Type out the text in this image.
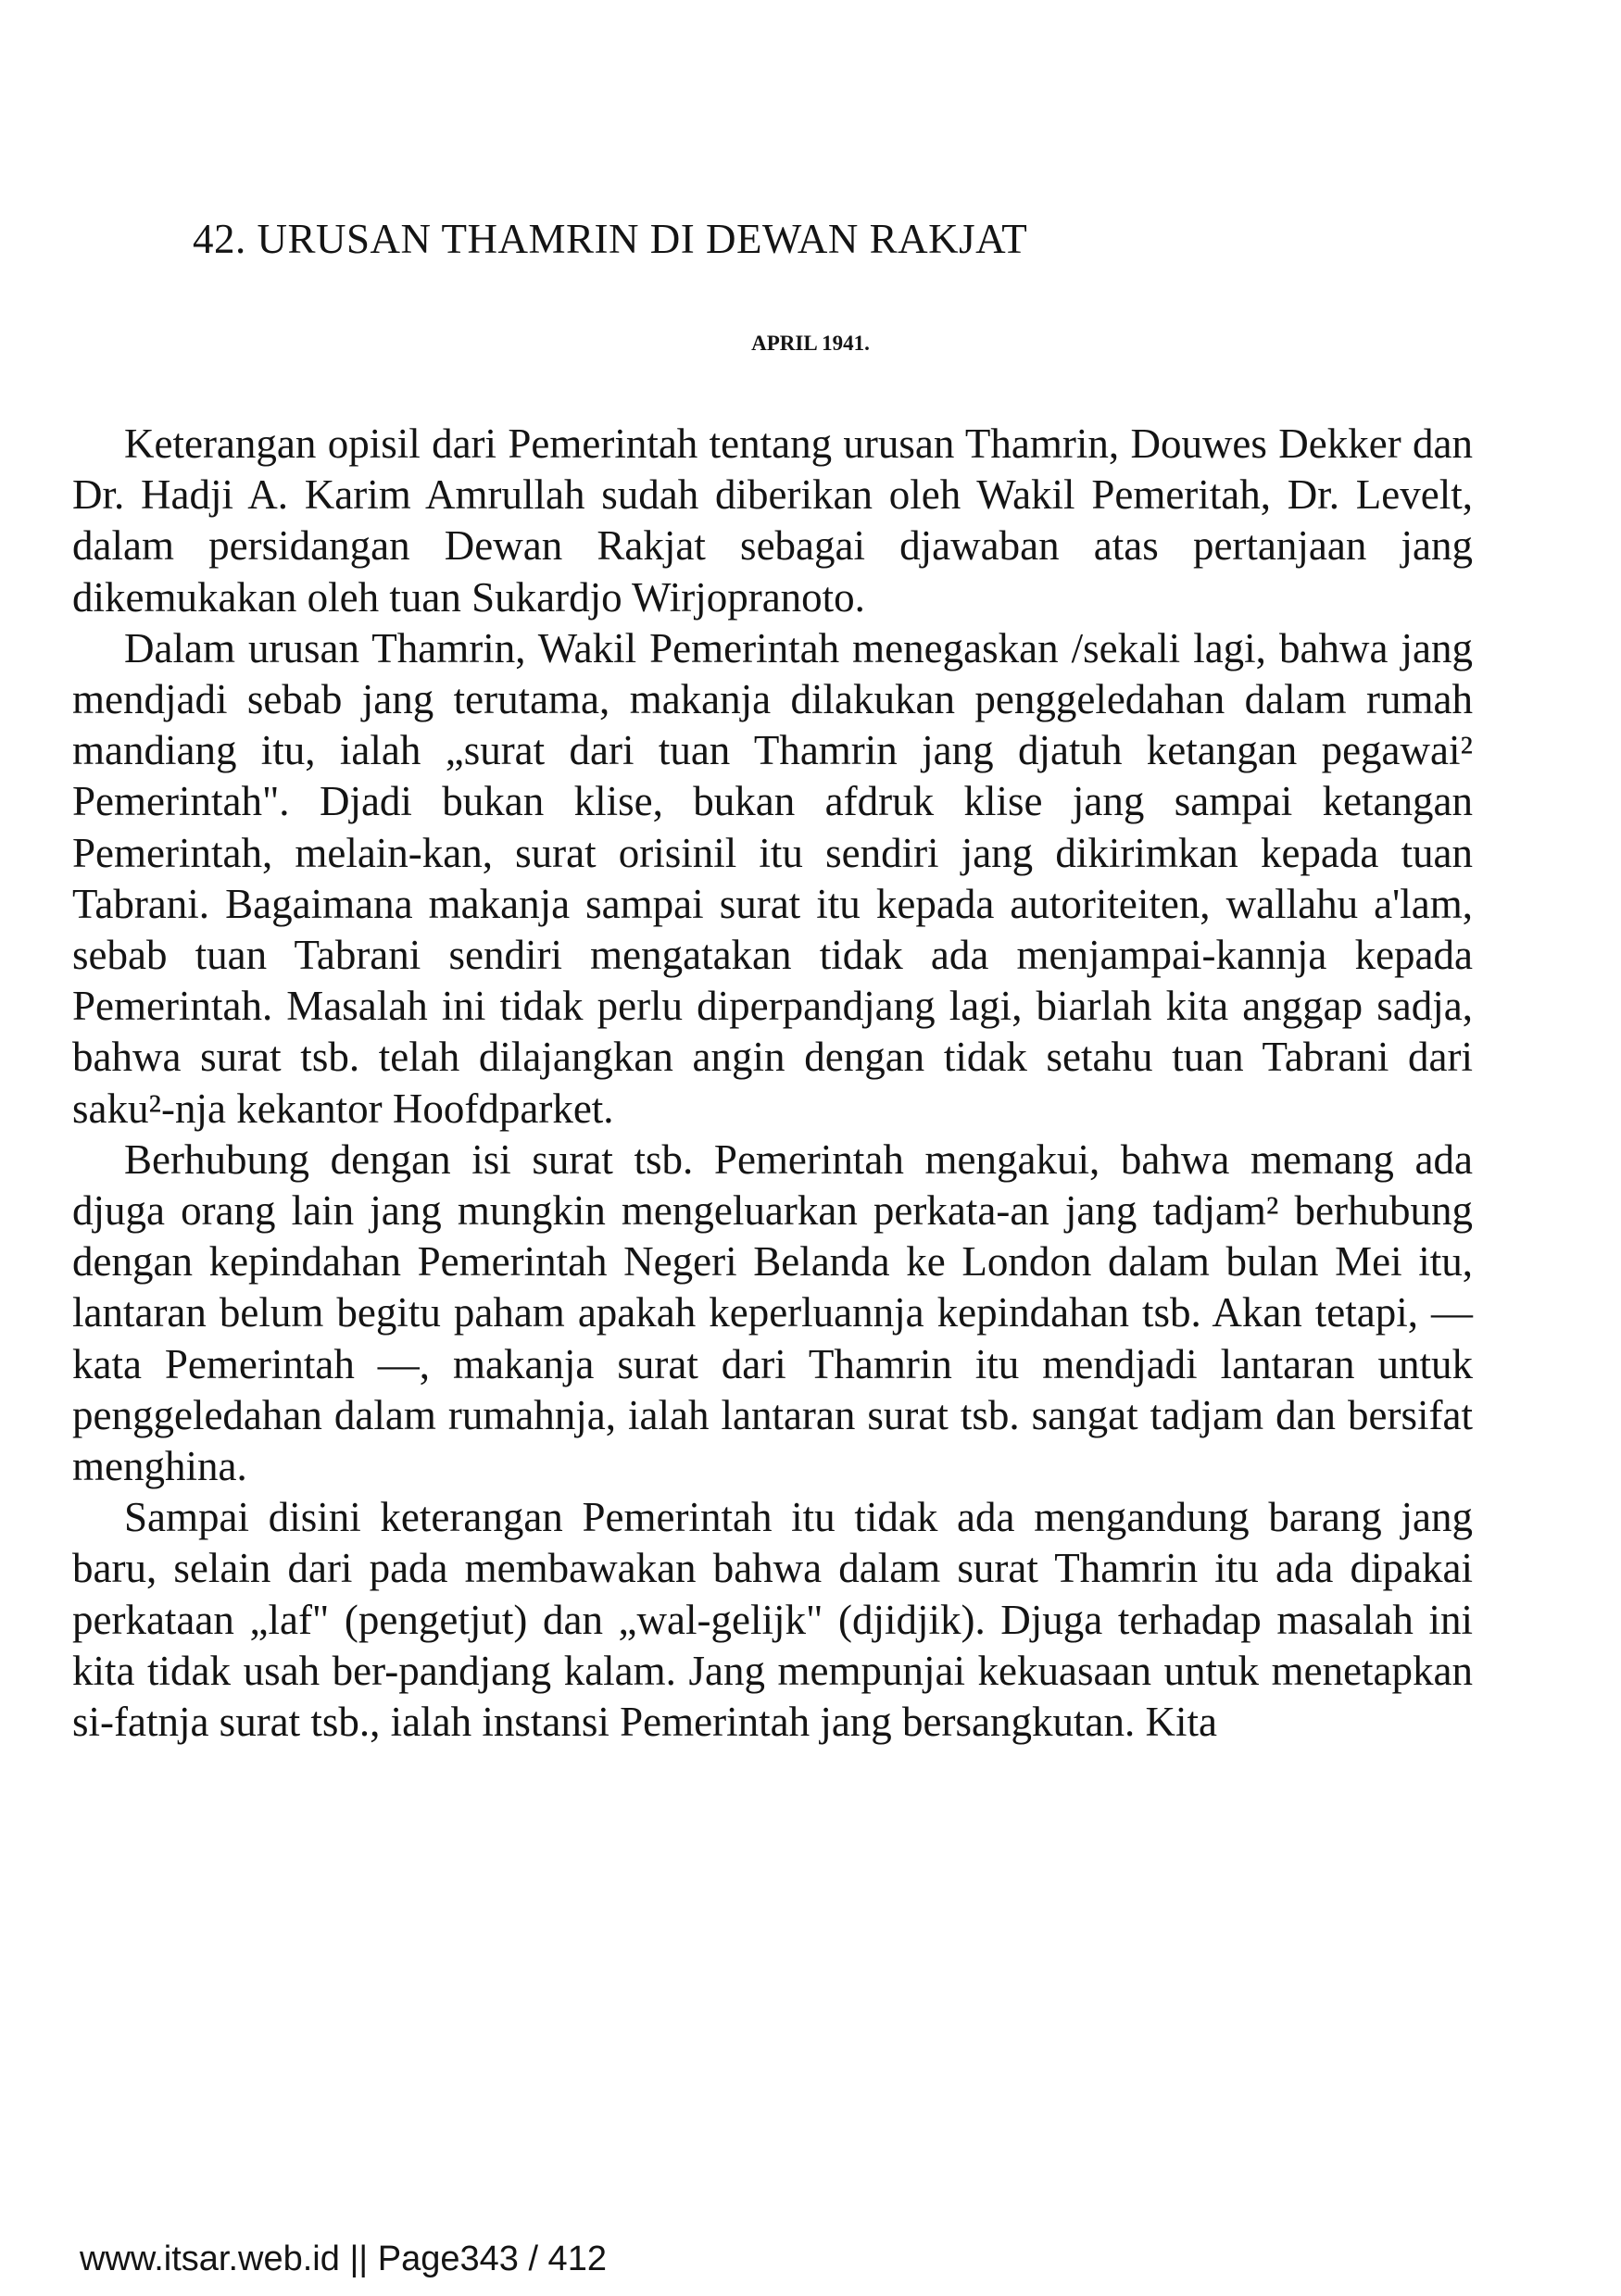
42. URUSAN THAMRIN DI DEWAN RAKJAT
APRIL 1941.

Keterangan opisil dari Pemerintah tentang urusan Thamrin, Douwes Dekker dan Dr. Hadji A. Karim Amrullah sudah diberikan oleh Wakil Pemeritah, Dr. Levelt, dalam persidangan Dewan Rakjat sebagai djawaban atas pertanjaan jang dikemukakan oleh tuan Sukardjo Wirjopranoto.

Dalam urusan Thamrin, Wakil Pemerintah menegaskan /sekali lagi, bahwa jang mendjadi sebab jang terutama, makanja dilakukan penggeledahan dalam rumah mandiang itu, ialah „surat dari tuan Thamrin jang djatuh ketangan pegawai² Pemerintah". Djadi bukan klise, bukan afdruk klise jang sampai ketangan Pemerintah, melain-kan, surat orisinil itu sendiri jang dikirimkan kepada tuan Tabrani. Bagaimana makanja sampai surat itu kepada autoriteiten, wallahu a'lam, sebab tuan Tabrani sendiri mengatakan tidak ada menjampai-kannja kepada Pemerintah. Masalah ini tidak perlu diperpandjang lagi, biarlah kita anggap sadja, bahwa surat tsb. telah dilajangkan angin dengan tidak setahu tuan Tabrani dari saku²-nja kekantor Hoofdparket.

Berhubung dengan isi surat tsb. Pemerintah mengakui, bahwa memang ada djuga orang lain jang mungkin mengeluarkan perkata-an jang tadjam² berhubung dengan kepindahan Pemerintah Negeri Belanda ke London dalam bulan Mei itu, lantaran belum begitu paham apakah keperluannja kepindahan tsb. Akan tetapi, — kata Pemerintah —, makanja surat dari Thamrin itu mendjadi lantaran untuk penggeledahan dalam rumahnja, ialah lantaran surat tsb. sangat tadjam dan bersifat menghina.

Sampai disini keterangan Pemerintah itu tidak ada mengandung barang jang baru, selain dari pada membawakan bahwa dalam surat Thamrin itu ada dipakai perkataan „laf" (pengetjut) dan „wal-gelijk" (djidjik). Djuga terhadap masalah ini kita tidak usah ber-pandjang kalam. Jang mempunjai kekuasaan untuk menetapkan si-fatnja surat tsb., ialah instansi Pemerintah jang bersangkutan. Kita

www.itsar.web.id || Page343 / 412
